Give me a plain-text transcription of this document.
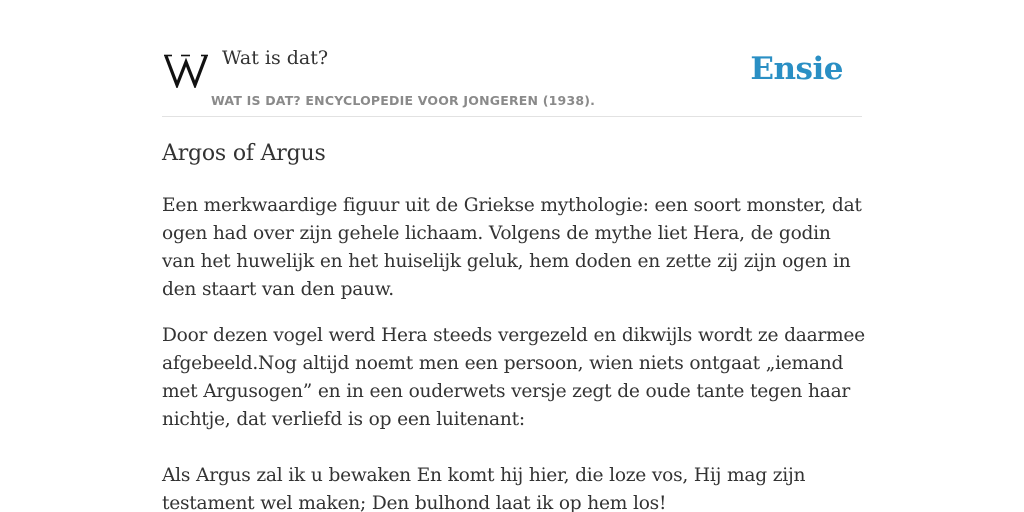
Wat is dat?
WAT IS DAT? ENCYCLOPEDIE VOOR JONGEREN (1938).
Ensie
Argos of Argus

Een merkwaardige figuur uit de Griekse mythologie: een soort monster, dat ogen had over zijn gehele lichaam. Volgens de mythe liet Hera, de godin van het huwelijk en het huiselijk geluk, hem doden en zette zij zijn ogen in den staart van den pauw.

Door dezen vogel werd Hera steeds vergezeld en dikwijls wordt ze daarmee afgebeeld.Nog altijd noemt men een persoon, wien niets ontgaat „iemand met Argusogen” en in een ouderwets versje zegt de oude tante tegen haar nichtje, dat verliefd is op een luitenant:

Als Argus zal ik u bewaken En komt hij hier, die loze vos, Hij mag zijn testament wel maken; Den bulhond laat ik op hem los!
